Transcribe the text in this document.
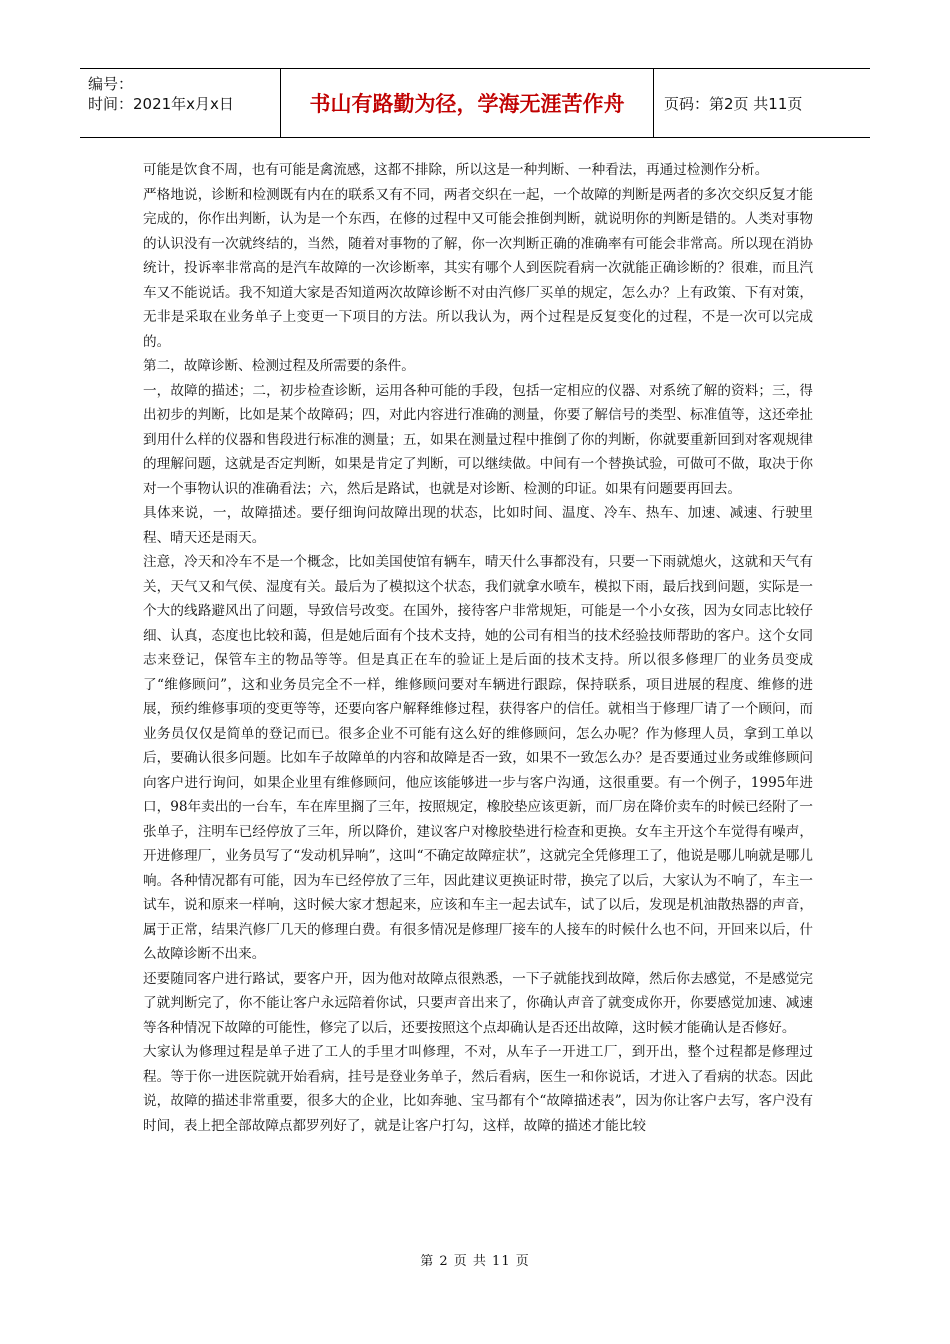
编号：
时间：2021年x月x日	书山有路勤为径，学海无涯苦作舟	页码：第2页 共11页

可能是饮食不周，也有可能是禽流感，这都不排除，所以这是一种判断、一种看法，再通过检测作分析。

严格地说，诊断和检测既有内在的联系又有不同，两者交织在一起，一个故障的判断是两者的多次交织反复才能完成的，你作出判断，认为是一个东西，在修的过程中又可能会推倒判断，就说明你的判断是错的。人类对事物的认识没有一次就终结的，当然，随着对事物的了解，你一次判断正确的准确率有可能会非常高。所以现在消协统计，投诉率非常高的是汽车故障的一次诊断率，其实有哪个人到医院看病一次就能正确诊断的？很难，而且汽车又不能说话。我不知道大家是否知道两次故障诊断不对由汽修厂买单的规定，怎么办？上有政策、下有对策，无非是采取在业务单子上变更一下项目的方法。所以我认为，两个过程是反复变化的过程，不是一次可以完成的。

第二，故障诊断、检测过程及所需要的条件。

一，故障的描述；二，初步检查诊断，运用各种可能的手段，包括一定相应的仪器、对系统了解的资料；三，得出初步的判断，比如是某个故障码；四，对此内容进行准确的测量，你要了解信号的类型、标准值等，这还牵扯到用什么样的仪器和售段进行标准的测量；五，如果在测量过程中推倒了你的判断，你就要重新回到对客观规律的理解问题，这就是否定判断，如果是肯定了判断，可以继续做。中间有一个替换试验，可做可不做，取决于你对一个事物认识的准确看法；六，然后是路试，也就是对诊断、检测的印证。如果有问题要再回去。

具体来说，一，故障描述。要仔细询问故障出现的状态，比如时间、温度、冷车、热车、加速、减速、行驶里程、晴天还是雨天。

注意，冷天和冷车不是一个概念，比如美国使馆有辆车，晴天什么事都没有，只要一下雨就熄火，这就和天气有关，天气又和气侯、湿度有关。最后为了模拟这个状态，我们就拿水喷车，模拟下雨，最后找到问题，实际是一个大的线路避风出了问题，导致信号改变。在国外，接待客户非常规矩，可能是一个小女孩，因为女同志比较仔细、认真，态度也比较和蔼，但是她后面有个技术支持，她的公司有相当的技术经验技师帮助的客户。这个女同志来登记，保管车主的物品等等。但是真正在车的验证上是后面的技术支持。所以很多修理厂的业务员变成了“维修顾问”，这和业务员完全不一样，维修顾问要对车辆进行跟踪，保持联系，项目进展的程度、维修的进展，预约维修事项的变更等等，还要向客户解释维修过程，获得客户的信任。就相当于修理厂请了一个顾问，而业务员仅仅是简单的登记而已。很多企业不可能有这么好的维修顾问，怎么办呢？作为修理人员，拿到工单以后，要确认很多问题。比如车子故障单的内容和故障是否一致，如果不一致怎么办？是否要通过业务或维修顾问向客户进行询问，如果企业里有维修顾问，他应该能够进一步与客户沟通，这很重要。有一个例子，1995年进口，98年卖出的一台车，车在库里搁了三年，按照规定，橡胶垫应该更新，而厂房在降价卖车的时候已经附了一张单子，注明车已经停放了三年，所以降价，建议客户对橡胶垫进行检查和更换。女车主开这个车觉得有噪声，开进修理厂，业务员写了“发动机异响”，这叫“不确定故障症状”，这就完全凭修理工了，他说是哪儿响就是哪儿响。各种情况都有可能，因为车已经停放了三年，因此建议更换证时带，换完了以后，大家认为不响了，车主一试车，说和原来一样响，这时候大家才想起来，应该和车主一起去试车，试了以后，发现是机油散热器的声音，属于正常，结果汽修厂几天的修理白费。有很多情况是修理厂接车的人接车的时候什么也不问，开回来以后，什么故障诊断不出来。

还要随同客户进行路试，要客户开，因为他对故障点很熟悉，一下子就能找到故障，然后你去感觉，不是感觉完了就判断完了，你不能让客户永远陪着你试，只要声音出来了，你确认声音了就变成你开，你要感觉加速、减速等各种情况下故障的可能性，修完了以后，还要按照这个点却确认是否还出故障，这时候才能确认是否修好。

大家认为修理过程是单子进了工人的手里才叫修理，不对，从车子一开进工厂，到开出，整个过程都是修理过程。等于你一进医院就开始看病，挂号是登业务单子，然后看病，医生一和你说话，才进入了看病的状态。因此说，故障的描述非常重要，很多大的企业，比如奔驰、宝马都有个“故障描述表”，因为你让客户去写，客户没有时间，表上把全部故障点都罗列好了，就是让客户打勾，这样，故障的描述才能比较

第 2 页 共 11 页
